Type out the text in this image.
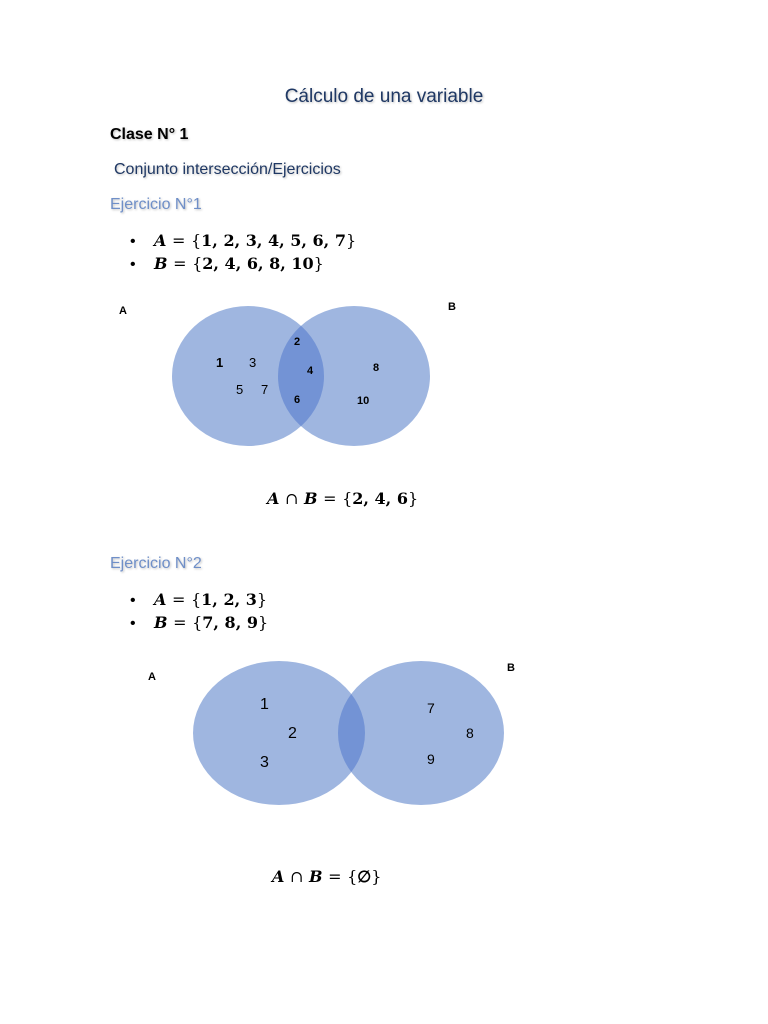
Cálculo de una variable
Clase N° 1
Conjunto intersección/Ejercicios
Ejercicio N°1
• A = {1, 2, 3, 4, 5, 6, 7}
• B = {2, 4, 6, 8, 10}
A	B
1 3
5 7
2
4
6
8
10
A ∩ B = {2, 4, 6}
Ejercicio N°2
• A = {1, 2, 3}
• B = {7, 8, 9}
A
B
1
2
3
7
8
9
A ∩ B = {∅}
